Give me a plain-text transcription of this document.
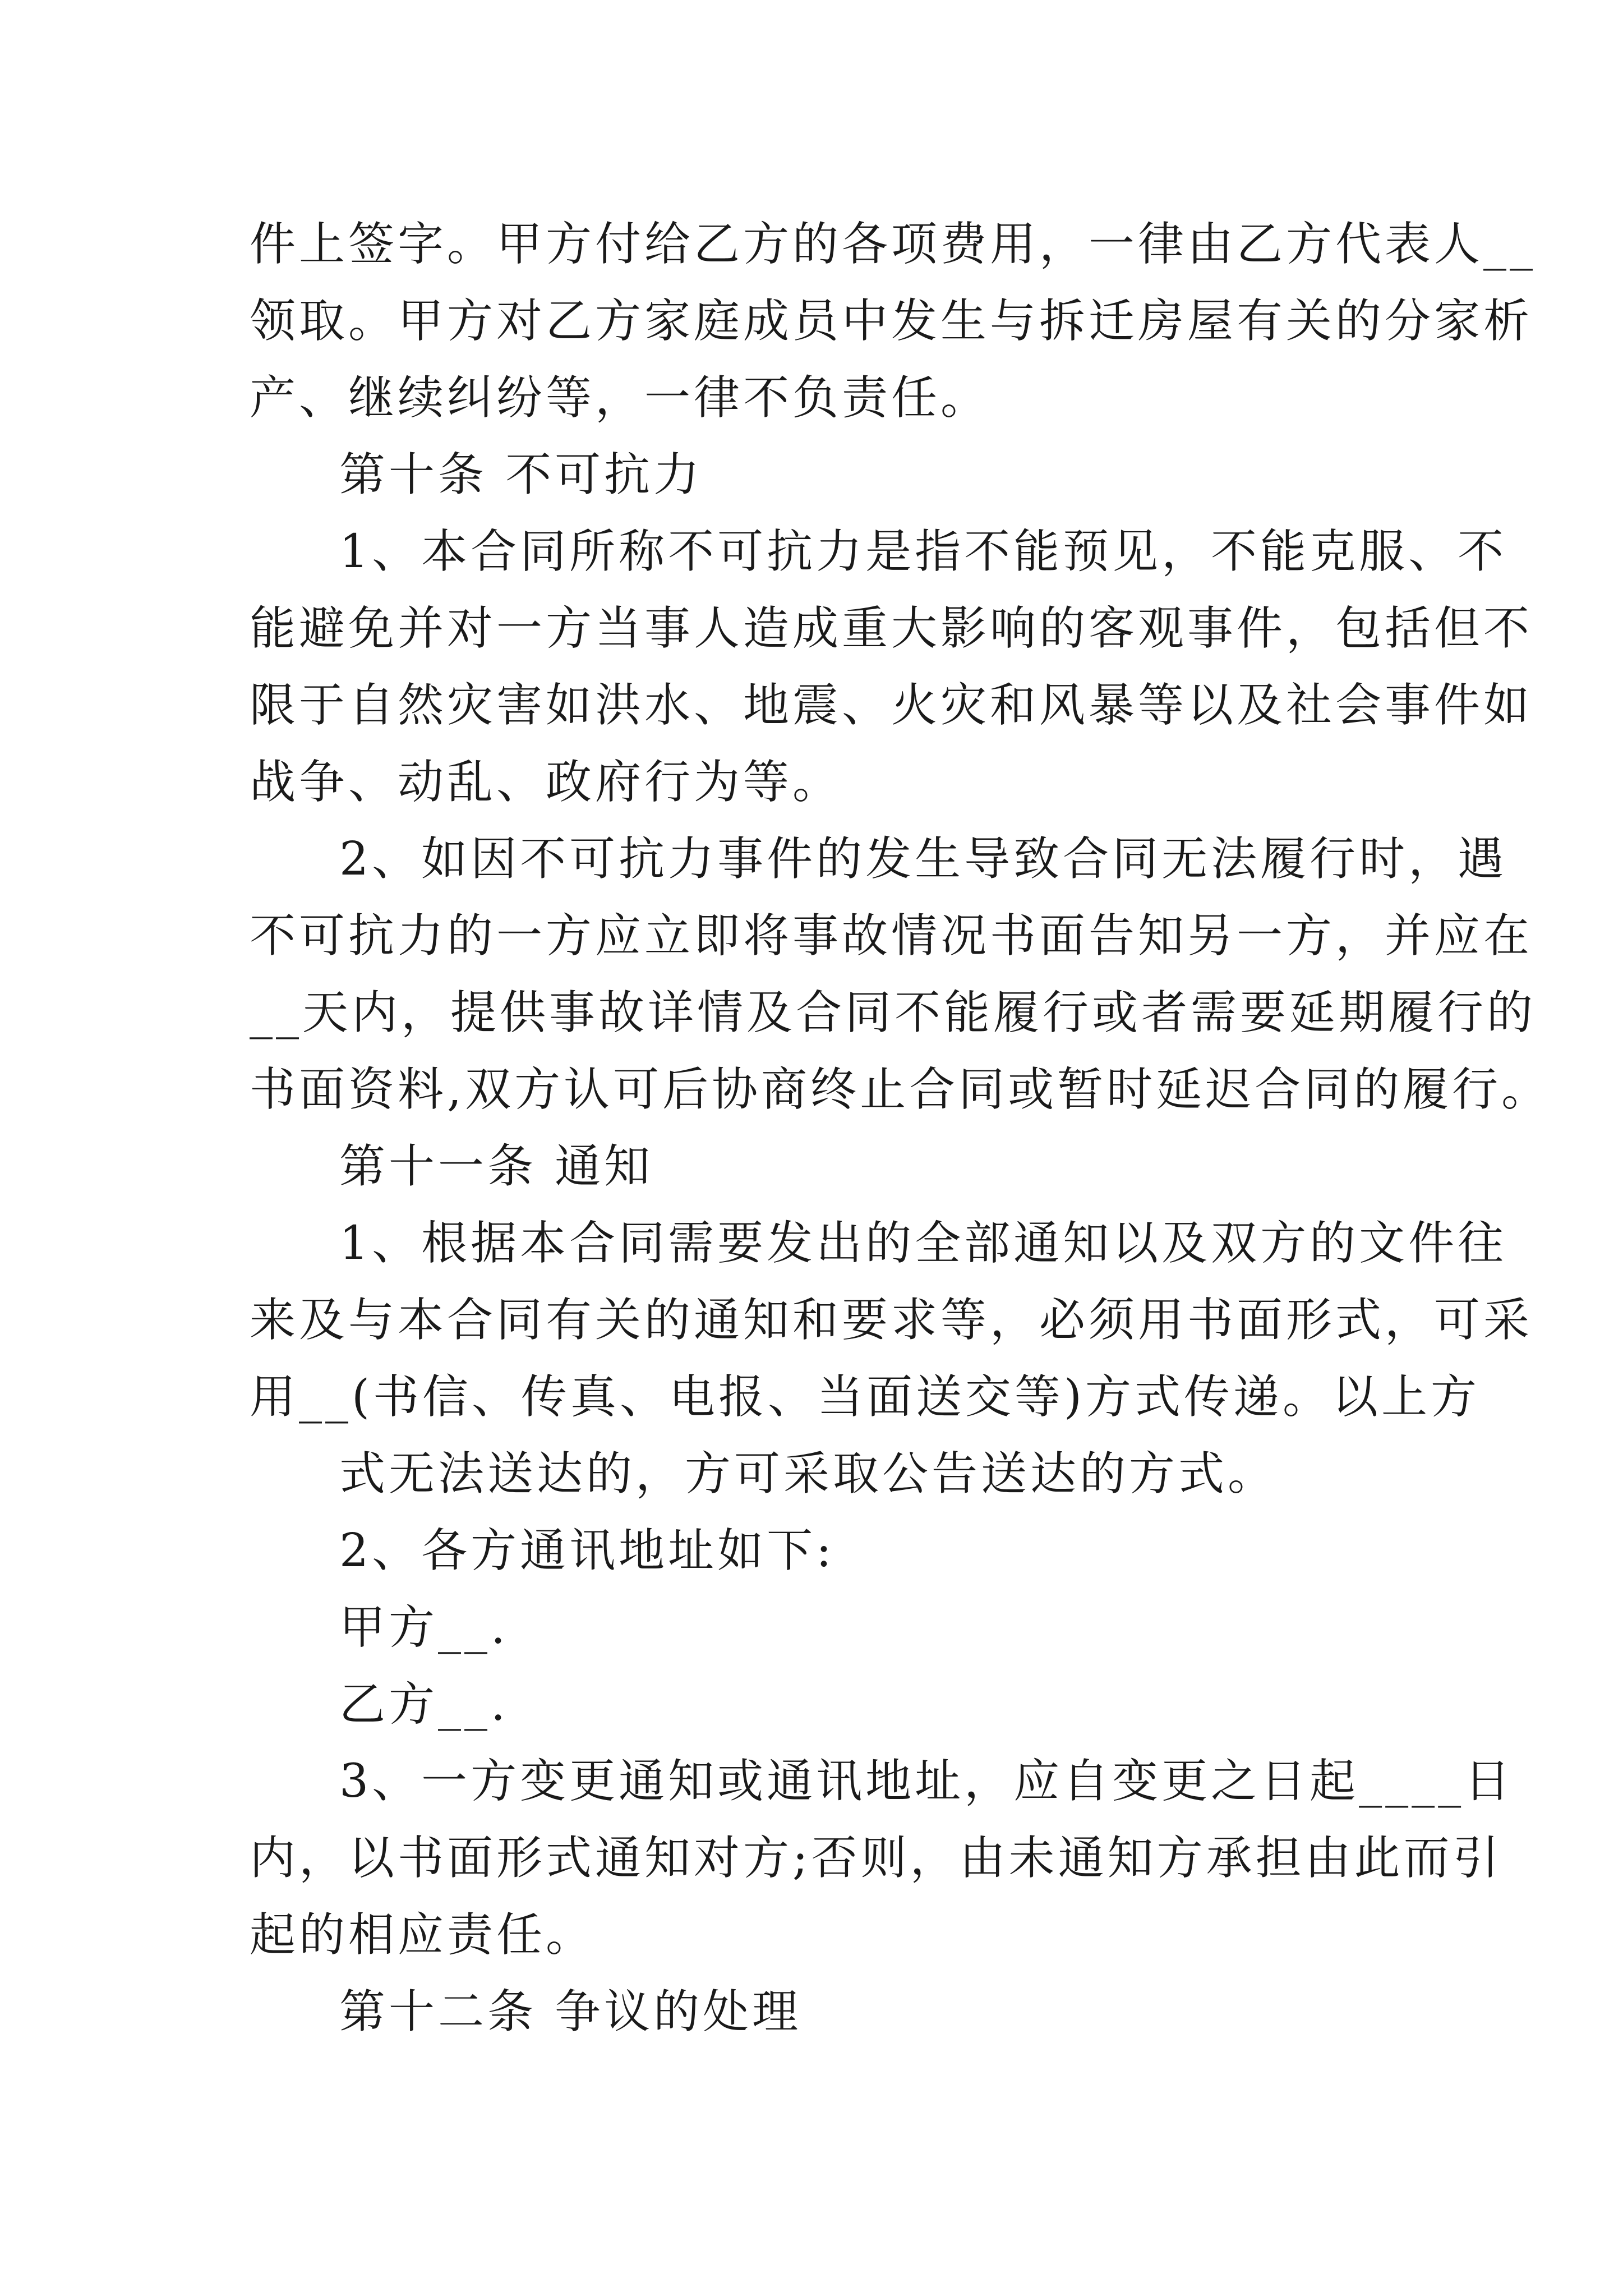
件上签字。甲方付给乙方的各项费用，一律由乙方代表人__
领取。甲方对乙方家庭成员中发生与拆迁房屋有关的分家析
产、继续纠纷等，一律不负责任。
第十条 不可抗力
1、本合同所称不可抗力是指不能预见，不能克服、不
能避免并对一方当事人造成重大影响的客观事件，包括但不
限于自然灾害如洪水、地震、火灾和风暴等以及社会事件如
战争、动乱、政府行为等。
2、如因不可抗力事件的发生导致合同无法履行时，遇
不可抗力的一方应立即将事故情况书面告知另一方，并应在
__天内，提供事故详情及合同不能履行或者需要延期履行的
书面资料,双方认可后协商终止合同或暂时延迟合同的履行。
第十一条 通知
1、根据本合同需要发出的全部通知以及双方的文件往
来及与本合同有关的通知和要求等，必须用书面形式，可采
用__(书信、传真、电报、当面送交等)方式传递。以上方
式无法送达的，方可采取公告送达的方式。
2、各方通讯地址如下:
甲方__.
乙方__.
3、一方变更通知或通讯地址，应自变更之日起____日
内，以书面形式通知对方;否则，由未通知方承担由此而引
起的相应责任。
第十二条 争议的处理
